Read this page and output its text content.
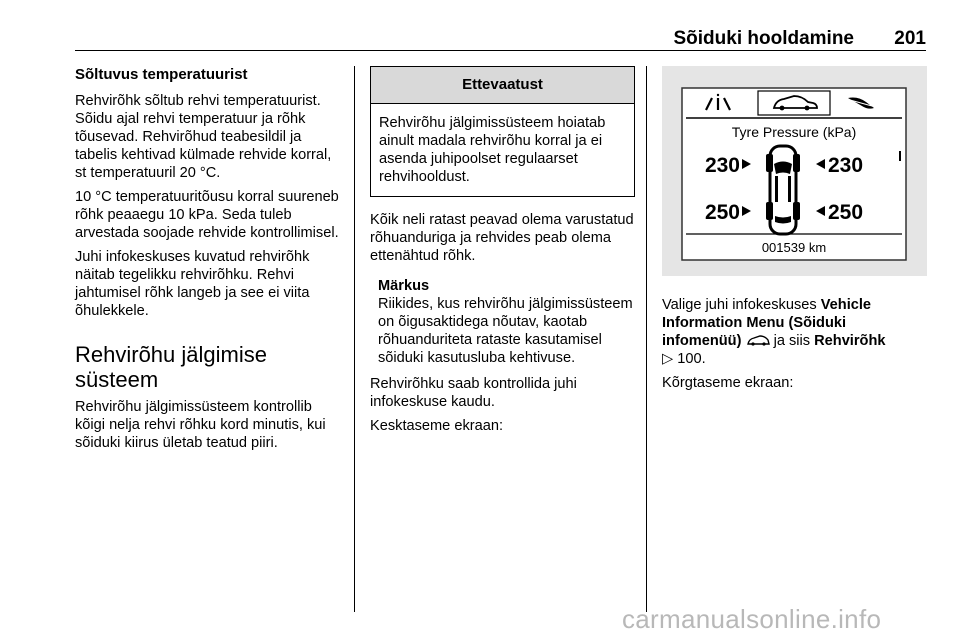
Sõiduki hooldamine 201
Sõltuvus temperatuurist

Rehvirõhk sõltub rehvi temperatuurist. Sõidu ajal rehvi temperatuur ja rõhk tõusevad. Rehvirõhud teabesildil ja tabelis kehtivad külmade rehvide korral, st temperatuuril 20 °C.

10 °C temperatuuritõusu korral suureneb rõhk peaaegu 10 kPa. Seda tuleb arvestada soojade rehvide kontrollimisel.

Juhi infokeskuses kuvatud rehvirõhk näitab tegelikku rehvirõhku. Rehvi jahtumisel rõhk langeb ja see ei viita õhulekkele.

Rehvirõhu jälgimise süsteem

Rehvirõhu jälgimissüsteem kontrollib kõigi nelja rehvi rõhku kord minutis, kui sõiduki kiirus ületab teatud piiri.

Ettevaatust
Rehvirõhu jälgimissüsteem hoiatab ainult madala rehvirõhu korral ja ei asenda juhipoolset regulaarset rehvihooldust.

Kõik neli ratast peavad olema varustatud rõhuanduriga ja rehvides peab olema ettenähtud rõhk.

Märkus
Riikides, kus rehvirõhu jälgimissüsteem on õigusaktidega nõutav, kaotab rõhuanduriteta rataste kasutamisel sõiduki kasutusluba kehtivuse.

Rehvirõhku saab kontrollida juhi infokeskuse kaudu.

Kesktaseme ekraan:

Tyre Pressure (kPa)
230	230
250	250
001539 km

Valige juhi infokeskuses Vehicle Information Menu (Sõiduki infomenüü)  ja siis Rehvirõhk
▷ 100.

Kõrgtaseme ekraan:

carmanualsonline.info
